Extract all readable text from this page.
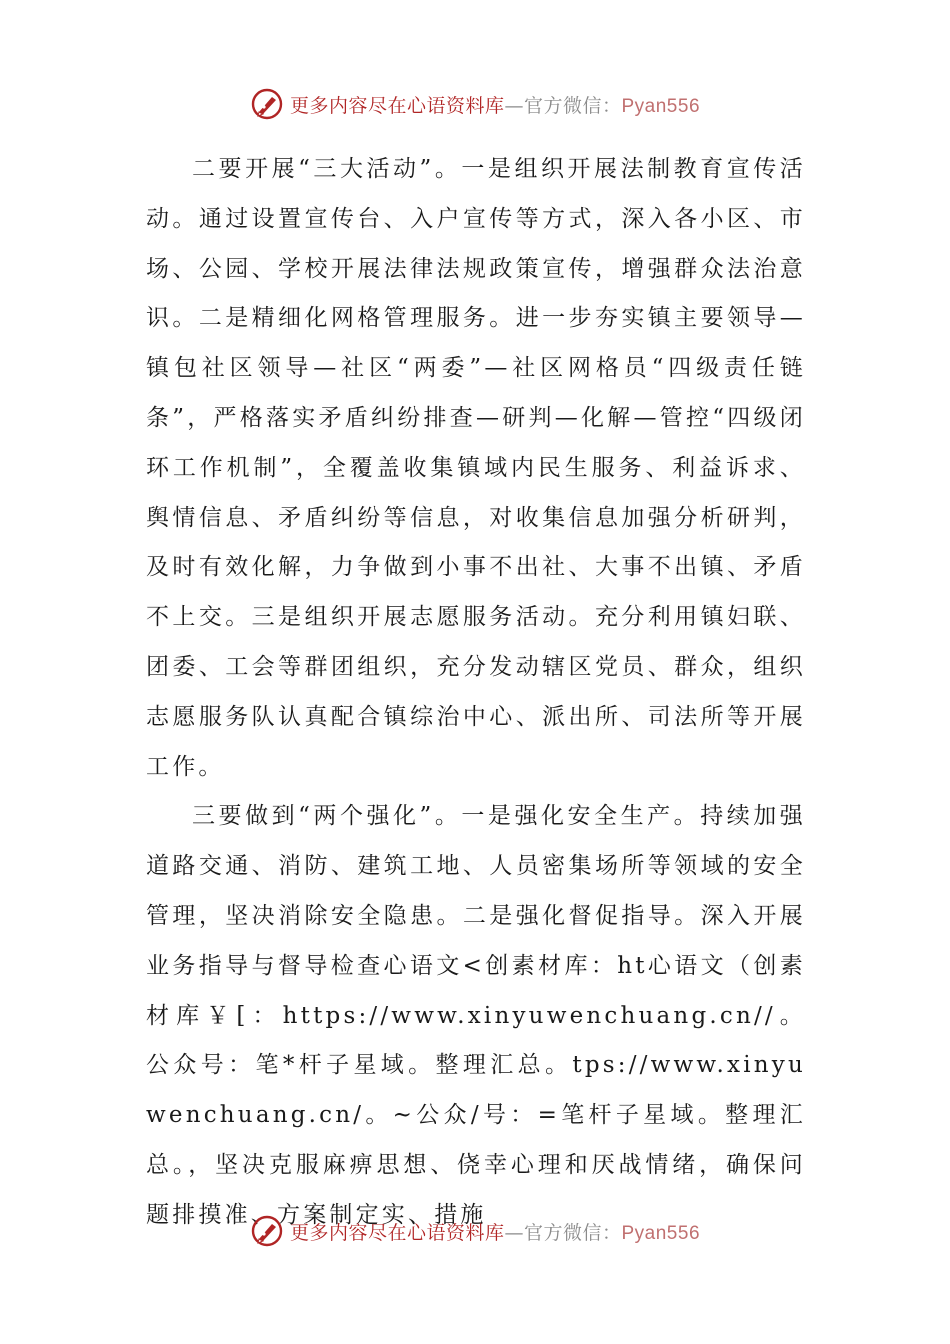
更多内容尽在心语资料库—官方微信：Pyan556

二要开展“三大活动”。一是组织开展法制教育宣传活动。通过设置宣传台、入户宣传等方式，深入各小区、市场、公园、学校开展法律法规政策宣传，增强群众法治意识。二是精细化网格管理服务。进一步夯实镇主要领导—镇包社区领导—社区“两委”—社区网格员“四级责任链条”，严格落实矛盾纠纷排查—研判—化解—管控“四级闭环工作机制”，全覆盖收集镇域内民生服务、利益诉求、舆情信息、矛盾纠纷等信息，对收集信息加强分析研判，及时有效化解，力争做到小事不出社、大事不出镇、矛盾不上交。三是组织开展志愿服务活动。充分利用镇妇联、团委、工会等群团组织，充分发动辖区党员、群众，组织志愿服务队认真配合镇综治中心、派出所、司法所等开展工作。

三要做到“两个强化”。一是强化安全生产。持续加强道路交通、消防、建筑工地、人员密集场所等领域的安全管理，坚决消除安全隐患。二是强化督促指导。深入开展业务指导与督导检查心语文<创素材库：ht心语文（创素材库￥[：https://www.xinyuwenchuang.cn//。公众号：笔*杆子星域。整理汇总。tps://www.xinyuwenchuang.cn/。~公众/号：=笔杆子星域。整理汇总。，坚决克服麻痹思想、侥幸心理和厌战情绪，确保问题排摸准、方案制定实、措施

更多内容尽在心语资料库—官方微信：Pyan556
